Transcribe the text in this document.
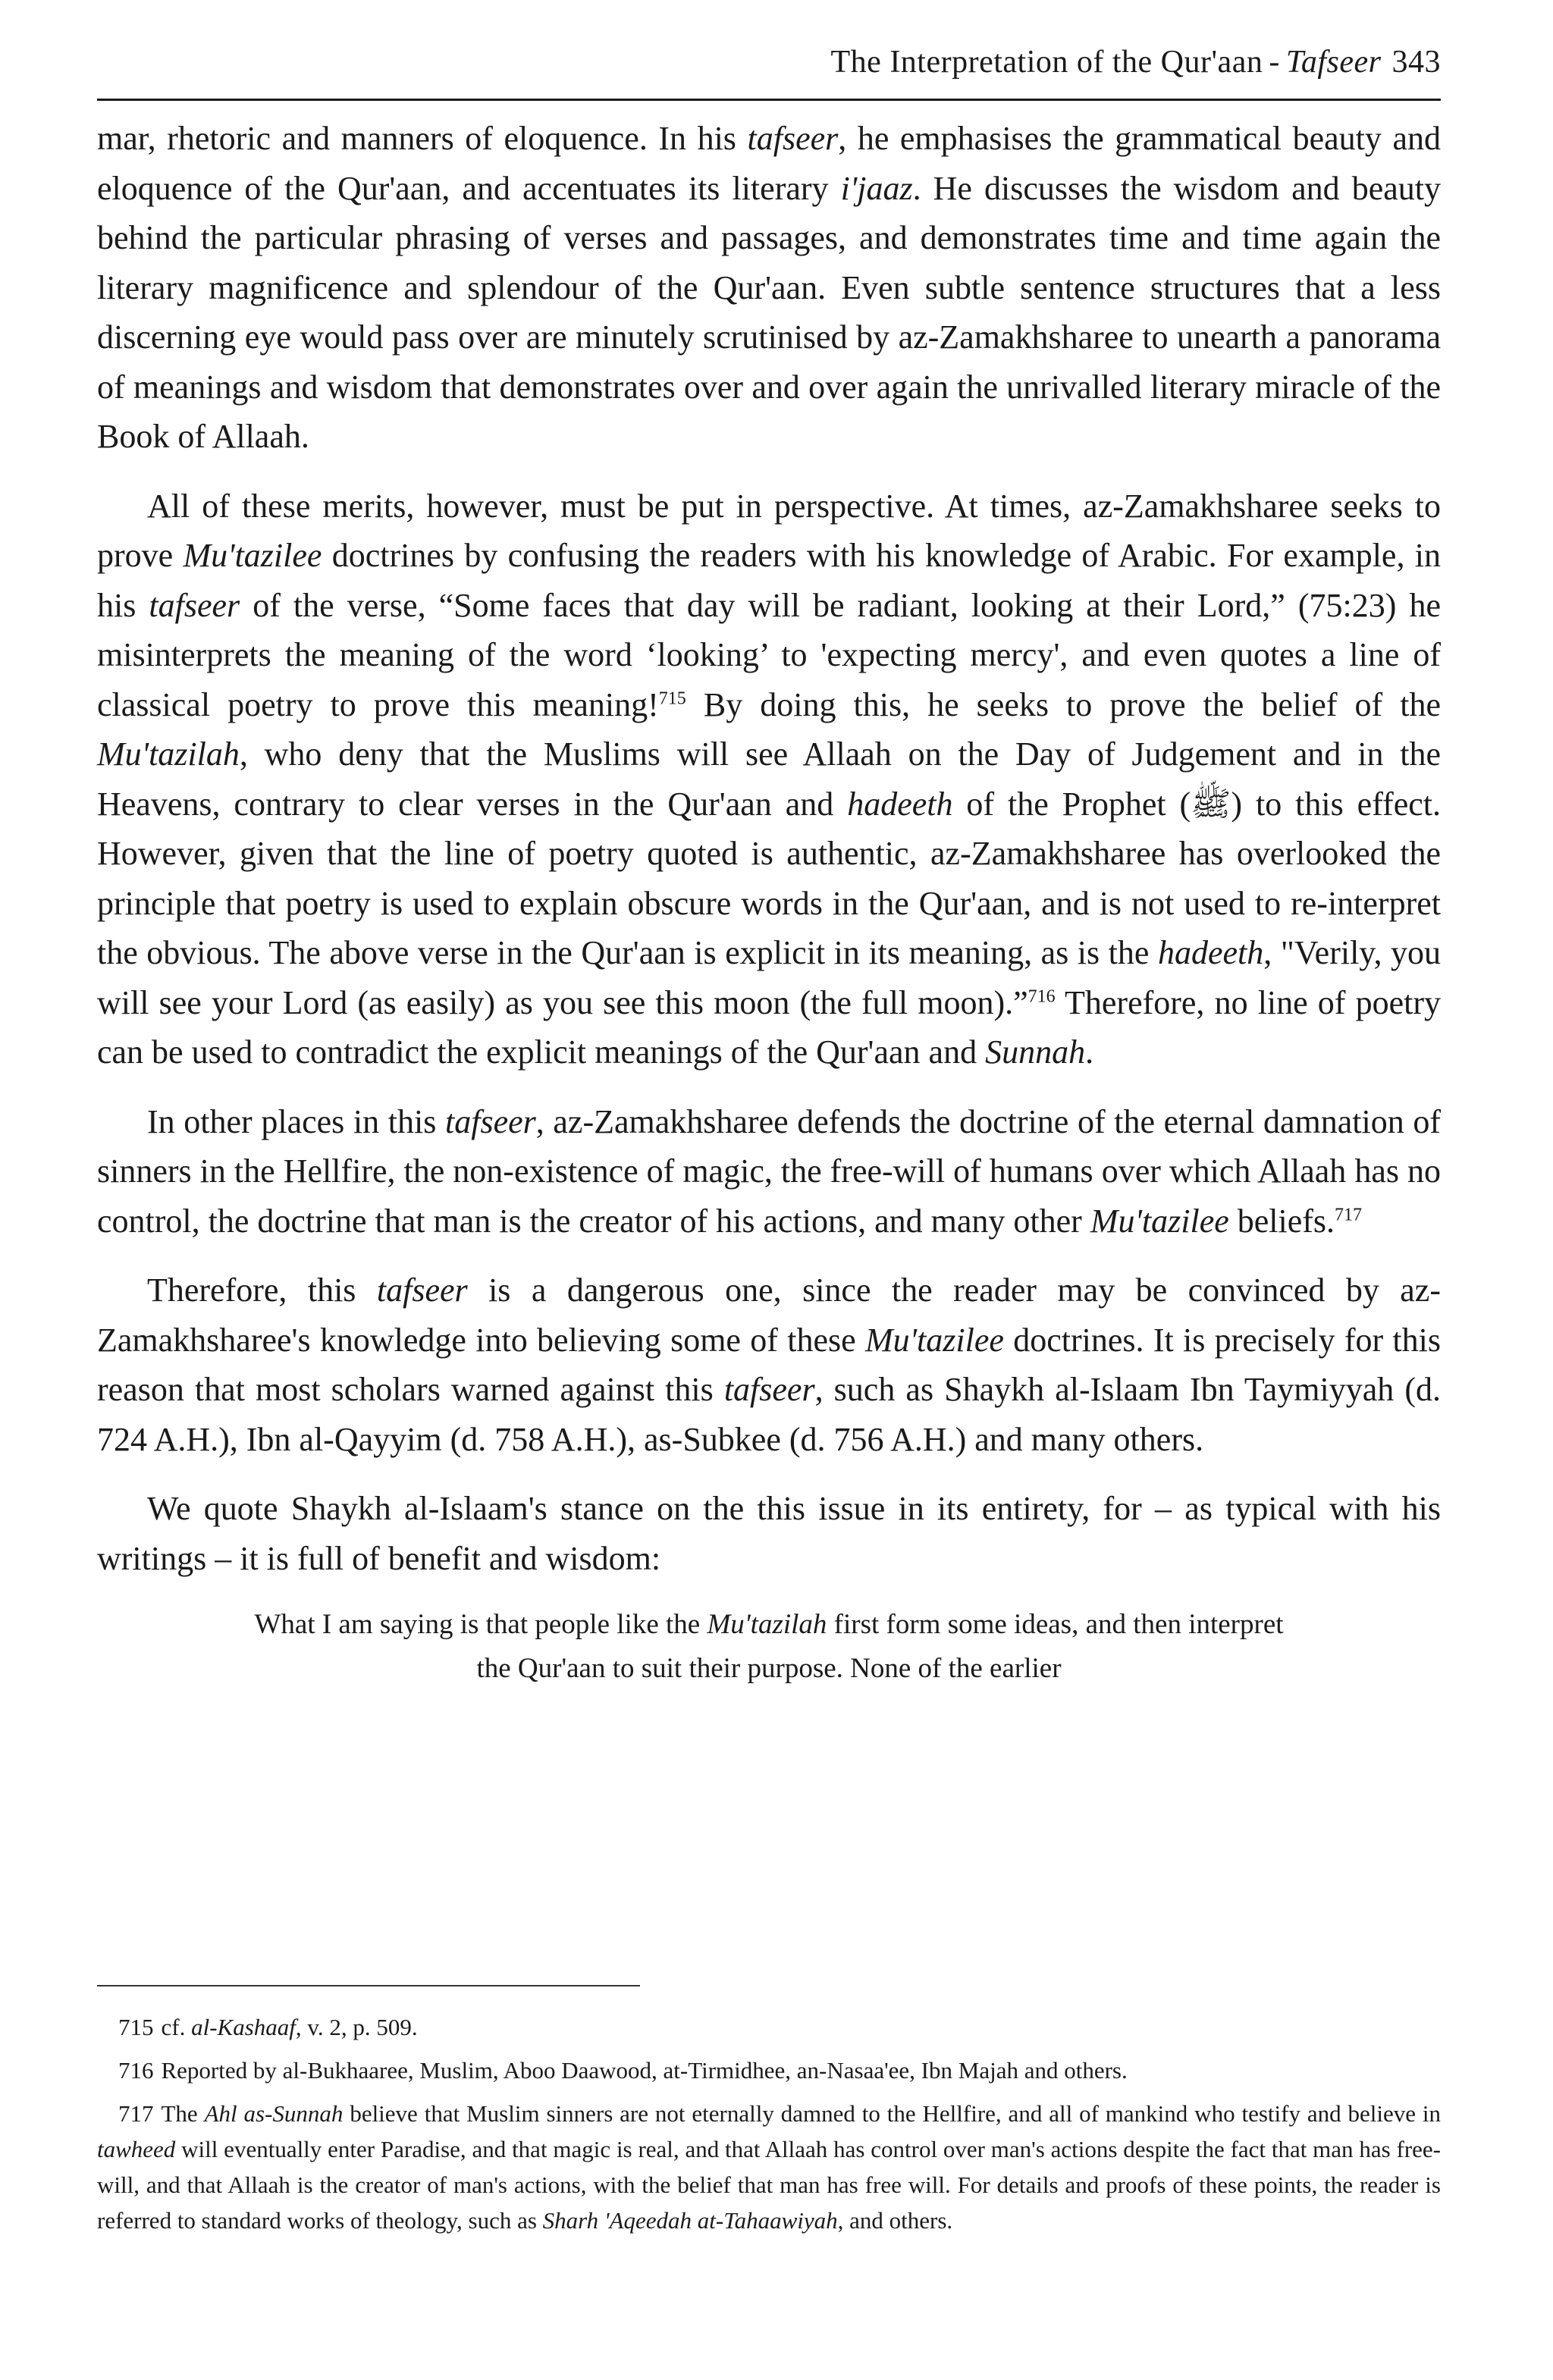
The Interpretation of the Qur'aan - Tafseer 343

mar, rhetoric and manners of eloquence. In his tafseer, he emphasises the grammatical beauty and eloquence of the Qur'aan, and accentuates its literary i'jaaz. He discusses the wisdom and beauty behind the particular phrasing of verses and passages, and demonstrates time and time again the literary magnificence and splendour of the Qur'aan. Even subtle sentence structures that a less discerning eye would pass over are minutely scrutinised by az-Zamakhsharee to unearth a panorama of meanings and wisdom that demonstrates over and over again the unrivalled literary miracle of the Book of Allaah.

All of these merits, however, must be put in perspective. At times, az-Zamakhsharee seeks to prove Mu'tazilee doctrines by confusing the readers with his knowledge of Arabic. For example, in his tafseer of the verse, “Some faces that day will be radiant, looking at their Lord,” (75:23) he misinterprets the meaning of the word ‘looking’ to 'expecting mercy', and even quotes a line of classical poetry to prove this meaning!$^{715}$ By doing this, he seeks to prove the belief of the Mu'tazilah, who deny that the Muslims will see Allaah on the Day of Judgement and in the Heavens, contrary to clear verses in the Qur'aan and hadeeth of the Prophet (ﷺ) to this effect. However, given that the line of poetry quoted is authentic, az-Zamakhsharee has overlooked the principle that poetry is used to explain obscure words in the Qur'aan, and is not used to re-interpret the obvious. The above verse in the Qur'aan is explicit in its meaning, as is the hadeeth, "Verily, you will see your Lord (as easily) as you see this moon (the full moon).”$^{716}$ Therefore, no line of poetry can be used to contradict the explicit meanings of the Qur'aan and Sunnah.

In other places in this tafseer, az-Zamakhsharee defends the doctrine of the eternal damnation of sinners in the Hellfire, the non-existence of magic, the free-will of humans over which Allaah has no control, the doctrine that man is the creator of his actions, and many other Mu'tazilee beliefs.$^{717}$

Therefore, this tafseer is a dangerous one, since the reader may be convinced by az-Zamakhsharee's knowledge into believing some of these Mu'tazilee doctrines. It is precisely for this reason that most scholars warned against this tafseer, such as Shaykh al-Islaam Ibn Taymiyyah (d. 724 A.H.), Ibn al-Qayyim (d. 758 A.H.), as-Subkee (d. 756 A.H.) and many others.

We quote Shaykh al-Islaam's stance on the this issue in its entirety, for – as typical with his writings – it is full of benefit and wisdom:

What I am saying is that people like the Mu'tazilah first form some ideas, and then interpret the Qur'aan to suit their purpose. None of the earlier

715 cf. al-Kashaaf, v. 2, p. 509.

716 Reported by al-Bukhaaree, Muslim, Aboo Daawood, at-Tirmidhee, an-Nasaa'ee, Ibn Majah and others.

717 The Ahl as-Sunnah believe that Muslim sinners are not eternally damned to the Hellfire, and all of mankind who testify and believe in tawheed will eventually enter Paradise, and that magic is real, and that Allaah has control over man's actions despite the fact that man has free-will, and that Allaah is the creator of man's actions, with the belief that man has free will. For details and proofs of these points, the reader is referred to standard works of theology, such as Sharh 'Aqeedah at-Tahaawiyah, and others.
